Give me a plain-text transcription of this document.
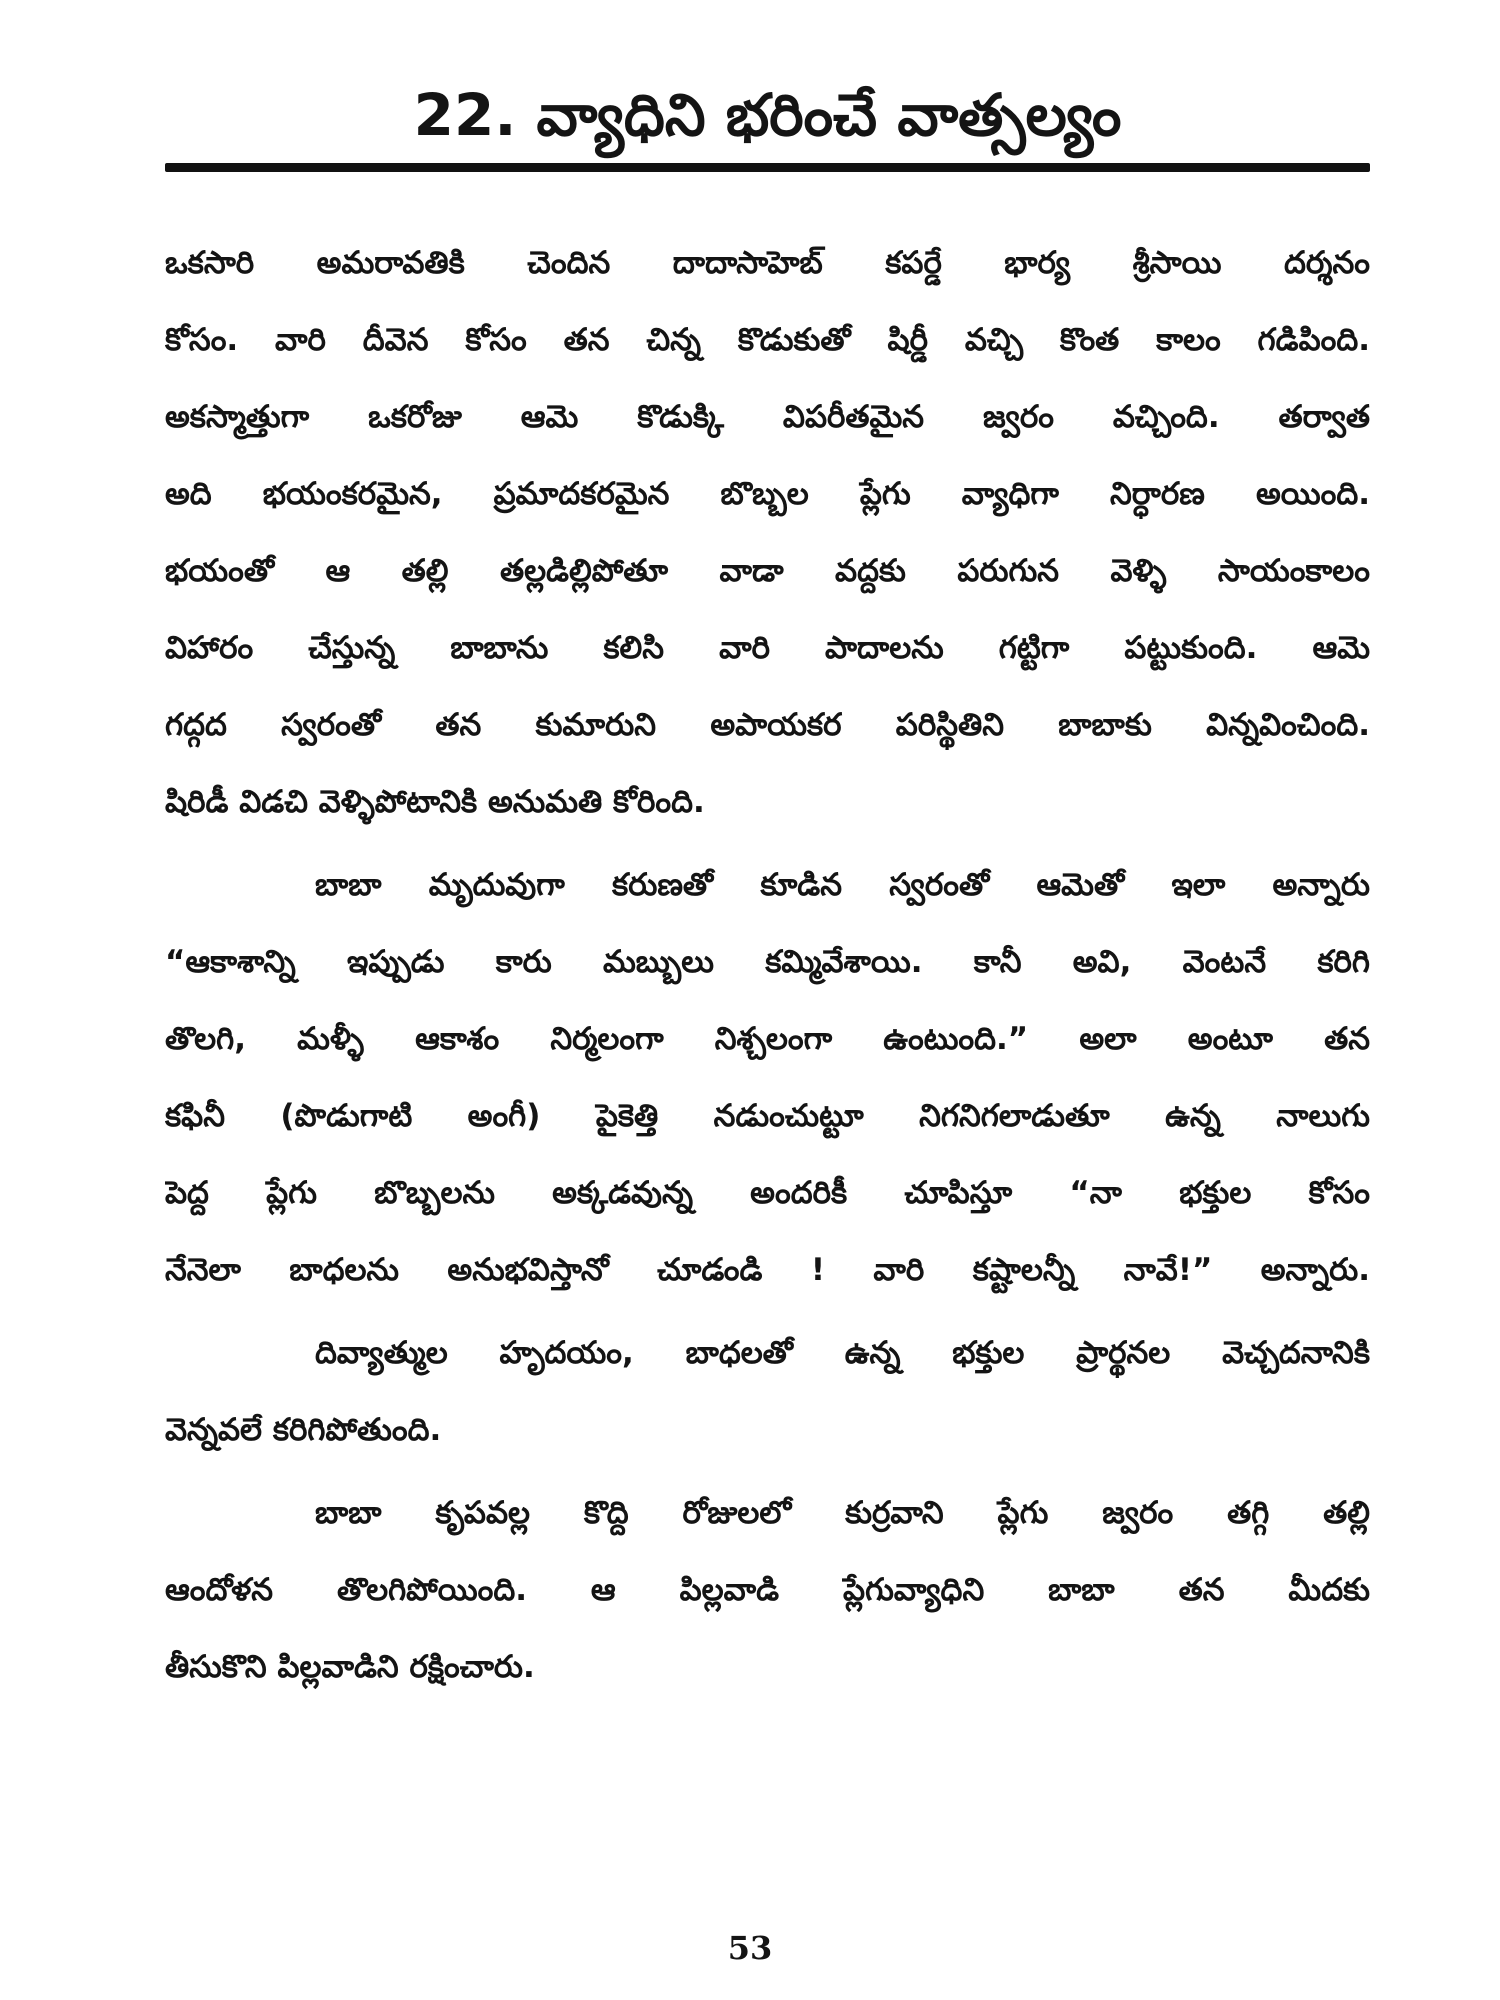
22. వ్యాధిని భరించే వాత్సల్యం
ఒకసారి అమరావతికి చెందిన దాదాసాహెబ్ కపర్డే భార్య శ్రీసాయి దర్శనం
కోసం. వారి దీవెన కోసం తన చిన్న కొడుకుతో షిర్డీ వచ్చి కొంత కాలం గడిపింది.
అకస్మాత్తుగా ఒకరోజు ఆమె కొడుక్కి విపరీతమైన జ్వరం వచ్చింది. తర్వాత
అది భయంకరమైన, ప్రమాదకరమైన బొబ్బల ప్లేగు వ్యాధిగా నిర్ధారణ అయింది.
భయంతో ఆ తల్లి తల్లడిల్లిపోతూ వాడా వద్దకు పరుగున వెళ్ళి సాయంకాలం
విహారం చేస్తున్న బాబాను కలిసి వారి పాదాలను గట్టిగా పట్టుకుంది. ఆమె
గద్గద స్వరంతో తన కుమారుని అపాయకర పరిస్థితిని బాబాకు విన్నవించింది.
షిరిడీ విడచి వెళ్ళిపోటానికి అనుమతి కోరింది.
బాబా మృదువుగా కరుణతో కూడిన స్వరంతో ఆమెతో ఇలా అన్నారు
“ఆకాశాన్ని ఇప్పుడు కారు మబ్బులు కమ్మివేశాయి. కానీ అవి, వెంటనే కరిగి
తొలగి, మళ్ళీ ఆకాశం నిర్మలంగా నిశ్చలంగా ఉంటుంది.” అలా అంటూ తన
కఫినీ (పొడుగాటి అంగీ) పైకెత్తి నడుంచుట్టూ నిగనిగలాడుతూ ఉన్న నాలుగు
పెద్ద ప్లేగు బొబ్బలను అక్కడవున్న అందరికీ చూపిస్తూ “నా భక్తుల కోసం
నేనెలా బాధలను అనుభవిస్తానో చూడండి ! వారి కష్టాలన్నీ నావే!” అన్నారు.
దివ్యాత్ముల హృదయం, బాధలతో ఉన్న భక్తుల ప్రార్థనల వెచ్చదనానికి
వెన్నవలే కరిగిపోతుంది.
బాబా కృపవల్ల కొద్ది రోజులలో కుర్రవాని ప్లేగు జ్వరం తగ్గి తల్లి
ఆందోళన తొలగిపోయింది. ఆ పిల్లవాడి ప్లేగువ్యాధిని బాబా తన మీదకు
తీసుకొని పిల్లవాడిని రక్షించారు.
53
